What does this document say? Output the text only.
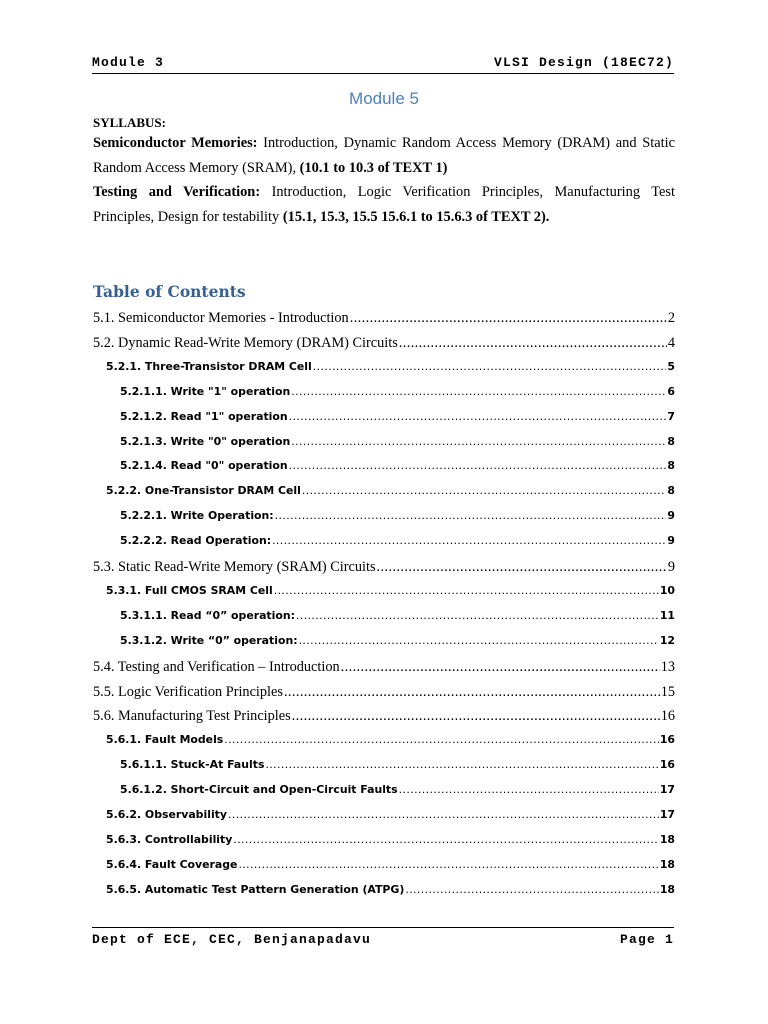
Module 3	VLSI Design (18EC72)
Module 5
SYLLABUS:

Semiconductor Memories: Introduction, Dynamic Random Access Memory (DRAM) and Static Random Access Memory (SRAM), (10.1 to 10.3 of TEXT 1)

Testing and Verification: Introduction, Logic Verification Principles, Manufacturing Test Principles, Design for testability (15.1, 15.3, 15.5 15.6.1 to 15.6.3 of TEXT 2).

Table of Contents
5.1. Semiconductor Memories - Introduction .....	2
5.2. Dynamic Read-Write Memory (DRAM) Circuits .....	4
5.2.1. Three-Transistor DRAM Cell .....	5
5.2.1.1. Write "1" operation .....	6
5.2.1.2. Read "1" operation .....	7
5.2.1.3. Write "0" operation .....	8
5.2.1.4. Read "0" operation .....	8
5.2.2. One-Transistor DRAM Cell .....	8
5.2.2.1. Write Operation: .....	9
5.2.2.2. Read Operation: .....	9
5.3. Static Read-Write Memory (SRAM) Circuits .....	9
5.3.1. Full CMOS SRAM Cell .....	10
5.3.1.1. Read “0” operation: .....	11
5.3.1.2. Write “0” operation: .....	12
5.4. Testing and Verification – Introduction .....	13
5.5. Logic Verification Principles .....	15
5.6. Manufacturing Test Principles .....	16
5.6.1. Fault Models .....	16
5.6.1.1. Stuck-At Faults .....	16
5.6.1.2. Short-Circuit and Open-Circuit Faults .....	17
5.6.2. Observability .....	17
5.6.3. Controllability .....	18
5.6.4. Fault Coverage .....	18
5.6.5. Automatic Test Pattern Generation (ATPG) .....	18
Dept of ECE, CEC, Benjanapadavu	Page 1
